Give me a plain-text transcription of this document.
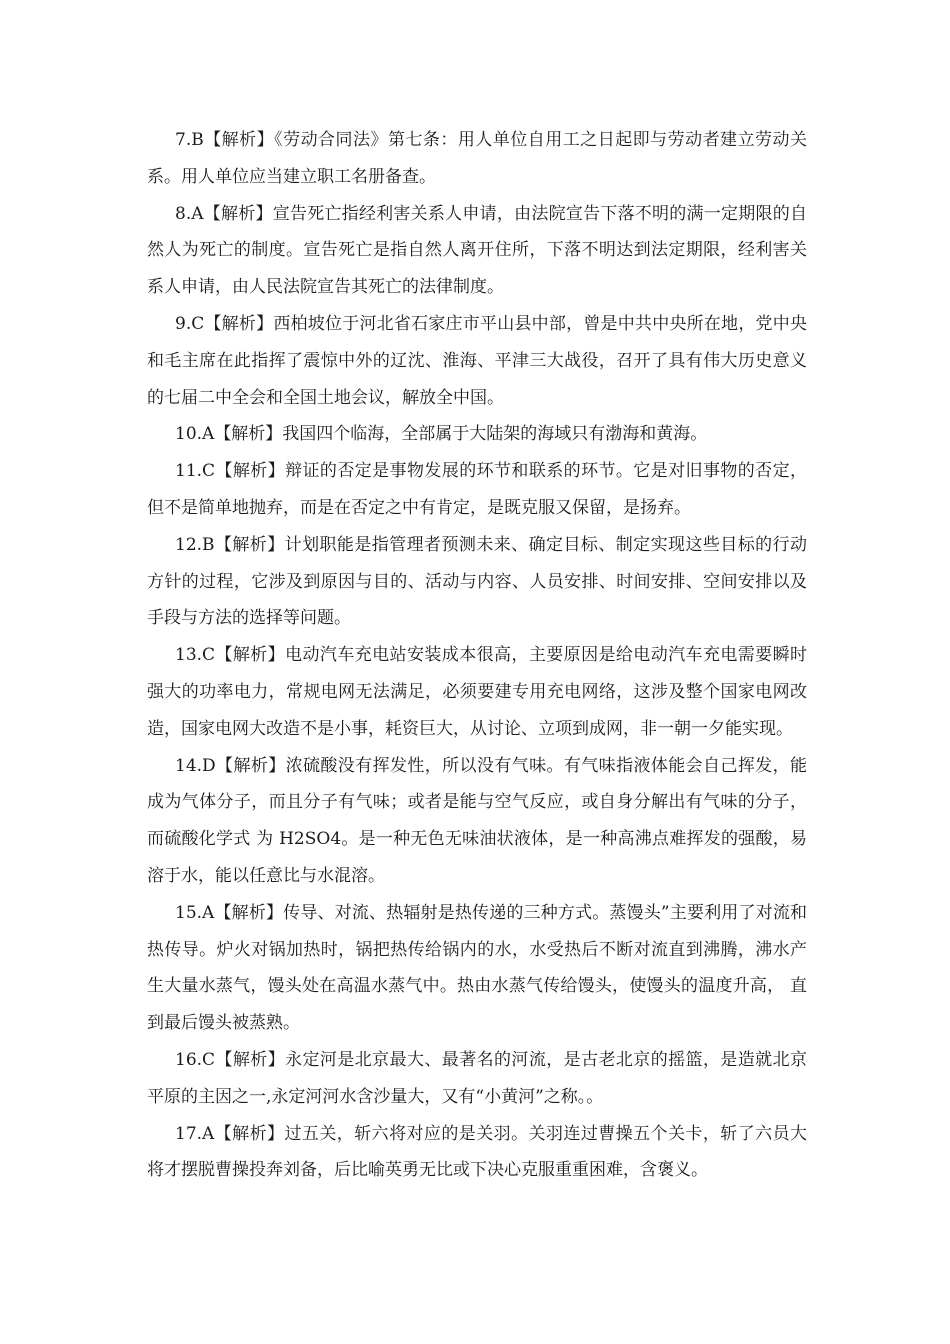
7.B【解析】《劳动合同法》第七条：用人单位自用工之日起即与劳动者建立劳动关系。用人单位应当建立职工名册备查。

8.A【解析】宣告死亡指经利害关系人申请，由法院宣告下落不明的满一定期限的自然人为死亡的制度。宣告死亡是指自然人离开住所，下落不明达到法定期限，经利害关系人申请，由人民法院宣告其死亡的法律制度。

9.C【解析】西柏坡位于河北省石家庄市平山县中部，曾是中共中央所在地，党中央和毛主席在此指挥了震惊中外的辽沈、淮海、平津三大战役，召开了具有伟大历史意义的七届二中全会和全国土地会议，解放全中国。

10.A【解析】我国四个临海，全部属于大陆架的海域只有渤海和黄海。

11.C【解析】辩证的否定是事物发展的环节和联系的环节。它是对旧事物的否定，但不是简单地抛弃，而是在否定之中有肯定，是既克服又保留，是扬弃。

12.B【解析】计划职能是指管理者预测未来、确定目标、制定实现这些目标的行动方针的过程，它涉及到原因与目的、活动与内容、人员安排、时间安排、空间安排以及手段与方法的选择等问题。

13.C【解析】电动汽车充电站安装成本很高，主要原因是给电动汽车充电需要瞬时强大的功率电力，常规电网无法满足，必须要建专用充电网络，这涉及整个国家电网改造，国家电网大改造不是小事，耗资巨大，从讨论、立项到成网，非一朝一夕能实现。

14.D【解析】浓硫酸没有挥发性，所以没有气味。有气味指液体能会自己挥发，能成为气体分子，而且分子有气味；或者是能与空气反应，或自身分解出有气味的分子，而硫酸化学式 为 H2SO4。是一种无色无味油状液体，是一种高沸点难挥发的强酸，易溶于水，能以任意比与水混溶。

15.A【解析】传导、对流、热辐射是热传递的三种方式。蒸馒头”主要利用了对流和热传导。炉火对锅加热时，锅把热传给锅内的水，水受热后不断对流直到沸腾，沸水产生大量水蒸气，馒头处在高温水蒸气中。热由水蒸气传给馒头，使馒头的温度升高， 直到最后馒头被蒸熟。

16.C【解析】永定河是北京最大、最著名的河流，是古老北京的摇篮，是造就北京平原的主因之一,永定河河水含沙量大，又有“小黄河”之称。。

17.A【解析】过五关，斩六将对应的是关羽。关羽连过曹操五个关卡，斩了六员大将才摆脱曹操投奔刘备，后比喻英勇无比或下决心克服重重困难，含褒义。
